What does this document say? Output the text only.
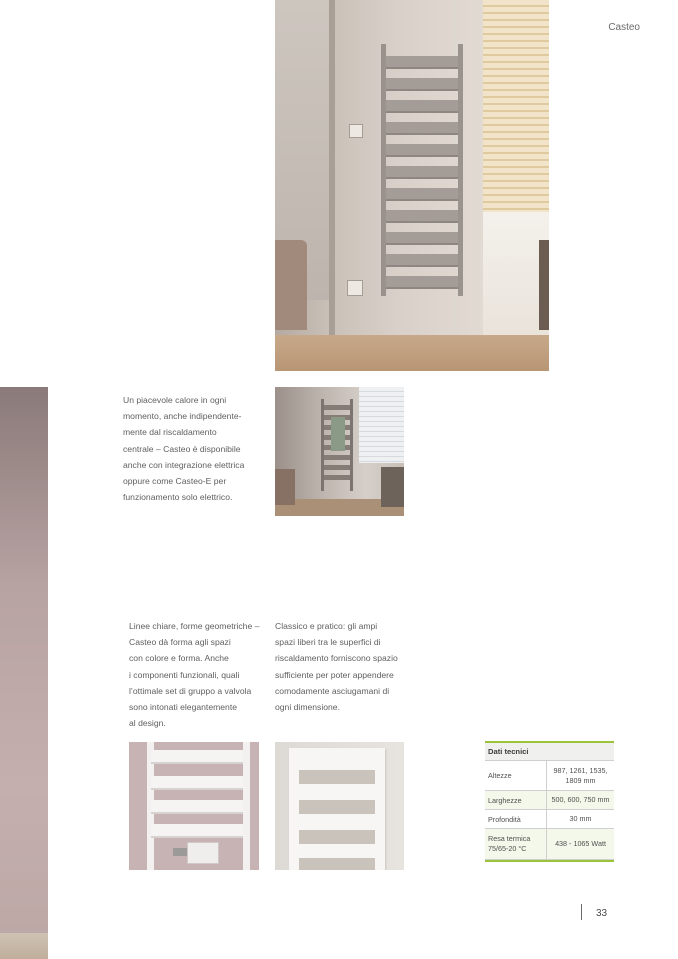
Casteo
Un piacevole calore in ogni
momento, anche indipendente-
mente dal riscaldamento
centrale – Casteo è disponibile
anche con integrazione elettrica
oppure come Casteo-E per
funzionamento solo elettrico.
Linee chiare, forme geometriche –
Casteo dà forma agli spazi
con colore e forma. Anche
i componenti funzionali, quali
l’ottimale set di gruppo a valvola
sono intonati elegantemente
al design.
Classico e pratico: gli ampi
spazi liberi tra le superfici di
riscaldamento forniscono spazio
sufficiente per poter appendere
comodamente asciugamani di
ogni dimensione.
Dati tecnici
Altezze
987, 1261, 1535,
1809 mm
Larghezze	500, 600, 750 mm
Profondità	30 mm
Resa termica
75/65-20 °C
438 - 1065 Watt
33
